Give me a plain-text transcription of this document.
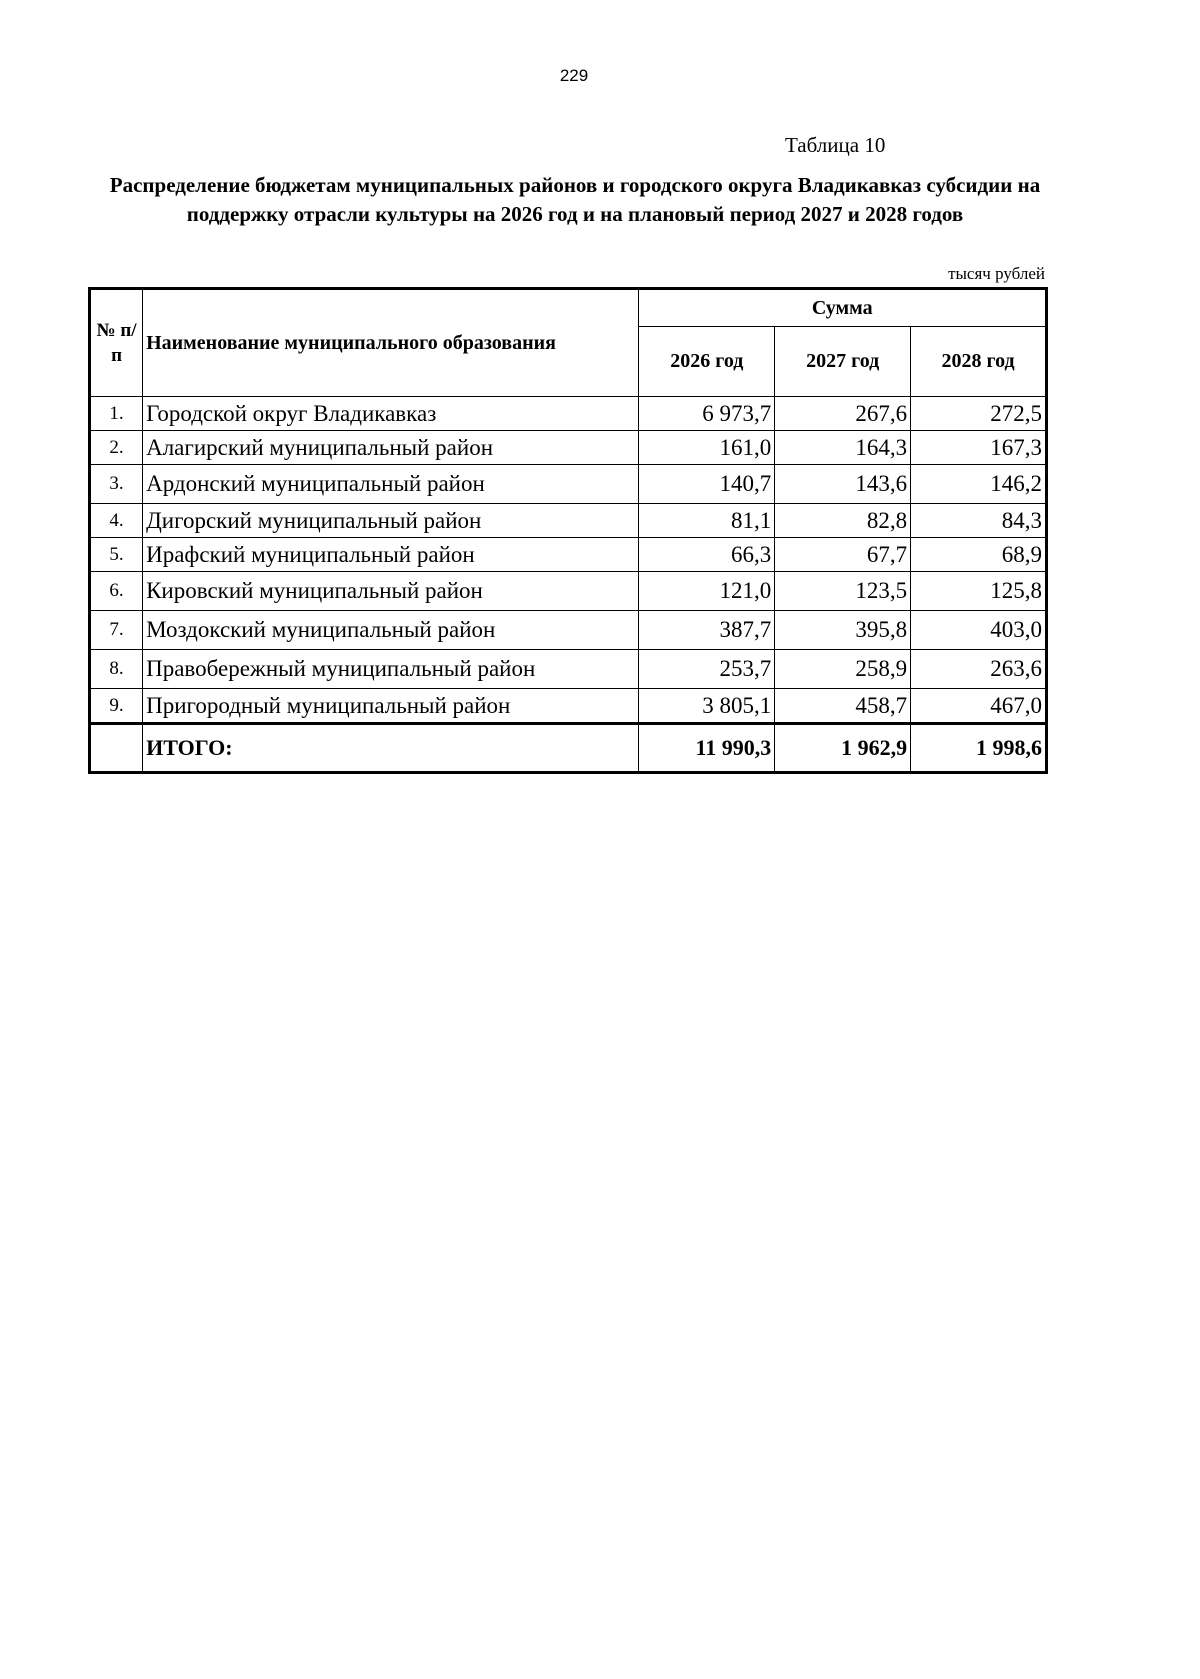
229
Таблица 10
Распределение бюджетам муниципальных районов и городского округа Владикавказ субсидии на поддержку отрасли культуры на 2026 год и на плановый период 2027 и 2028 годов
тысяч рублей
№ п/п	Наименование муниципального образования	Сумма		
		2026 год	2027 год	2028 год
1.	Городской округ Владикавказ	6 973,7	267,6	272,5
2.	Алагирский муниципальный район	161,0	164,3	167,3
3.	Ардонский муниципальный район	140,7	143,6	146,2
4.	Дигорский муниципальный район	81,1	82,8	84,3
5.	Ирафский муниципальный район	66,3	67,7	68,9
6.	Кировский муниципальный район	121,0	123,5	125,8
7.	Моздокский муниципальный район	387,7	395,8	403,0
8.	Правобережный муниципальный район	253,7	258,9	263,6
9.	Пригородный муниципальный район	3 805,1	458,7	467,0
	ИТОГО:	11 990,3	1 962,9	1 998,6
